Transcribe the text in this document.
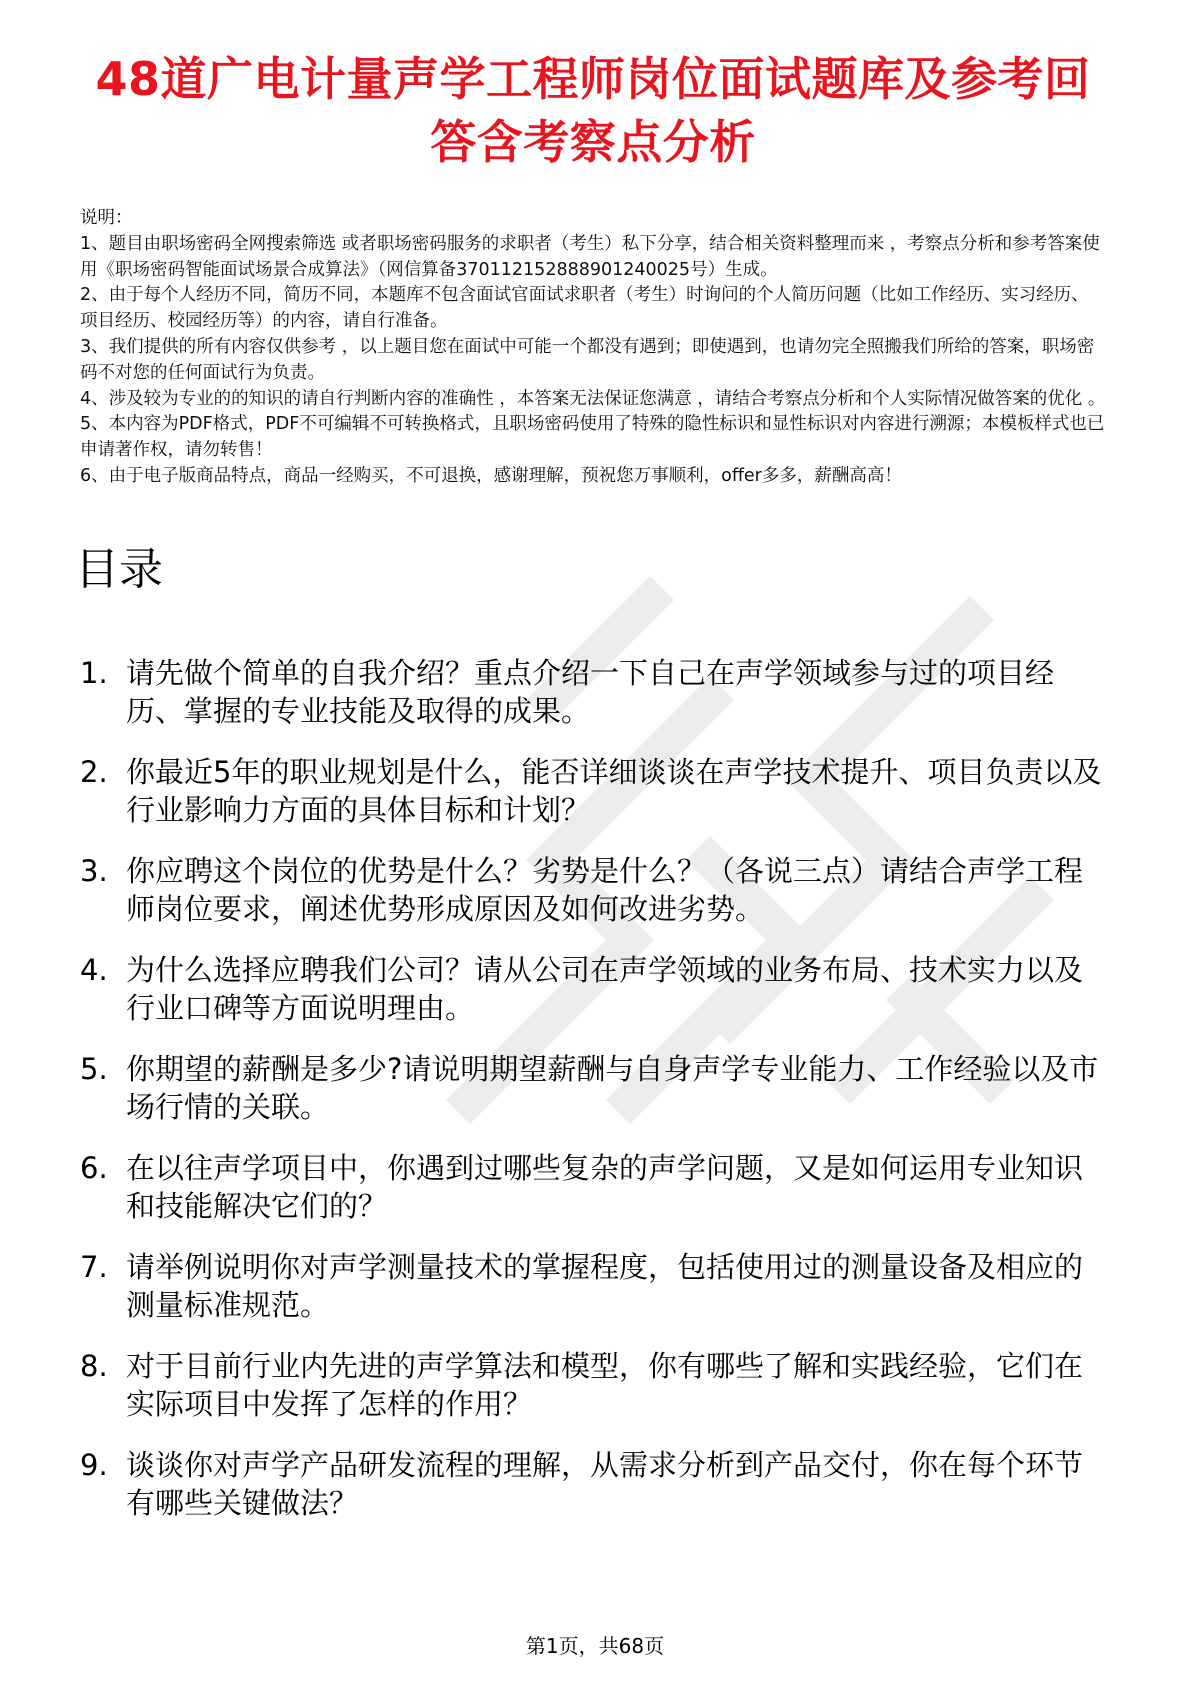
48道广电计量声学工程师岗位面试题库及参考回答含考察点分析
说明：
1、题目由职场密码全网搜索筛选 或者职场密码服务的求职者（考生）私下分享，结合相关资料整理而来 ，考察点分析和参考答案使用《职场密码智能面试场景合成算法》（网信算备370112152888901240025号）生成。
2、由于每个人经历不同，简历不同，本题库不包含面试官面试求职者（考生）时询问的个人简历问题（比如工作经历、实习经历、项目经历、校园经历等）的内容，请自行准备。
3、我们提供的所有内容仅供参考 ，以上题目您在面试中可能一个都没有遇到；即使遇到，也请勿完全照搬我们所给的答案，职场密码不对您的任何面试行为负责。
4、涉及较为专业的的知识的请自行判断内容的准确性 ，本答案无法保证您满意 ，请结合考察点分析和个人实际情况做答案的优化 。
5、本内容为PDF格式，PDF不可编辑不可转换格式，且职场密码使用了特殊的隐性标识和显性标识对内容进行溯源；本模板样式也已申请著作权，请勿转售！
6、由于电子版商品特点，商品一经购买，不可退换，感谢理解，预祝您万事顺利，offer多多，薪酬高高！
目录
1. 请先做个简单的自我介绍？重点介绍一下自己在声学领域参与过的项目经历、掌握的专业技能及取得的成果。
2. 你最近5年的职业规划是什么，能否详细谈谈在声学技术提升、项目负责以及行业影响力方面的具体目标和计划？
3. 你应聘这个岗位的优势是什么？劣势是什么？（各说三点）请结合声学工程师岗位要求，阐述优势形成原因及如何改进劣势。
4. 为什么选择应聘我们公司？请从公司在声学领域的业务布局、技术实力以及行业口碑等方面说明理由。
5. 你期望的薪酬是多少?请说明期望薪酬与自身声学专业能力、工作经验以及市场行情的关联。
6. 在以往声学项目中，你遇到过哪些复杂的声学问题，又是如何运用专业知识和技能解决它们的？
7. 请举例说明你对声学测量技术的掌握程度，包括使用过的测量设备及相应的测量标准规范。
8. 对于目前行业内先进的声学算法和模型，你有哪些了解和实践经验，它们在实际项目中发挥了怎样的作用？
9. 谈谈你对声学产品研发流程的理解，从需求分析到产品交付，你在每个环节有哪些关键做法？
第1页，共68页
